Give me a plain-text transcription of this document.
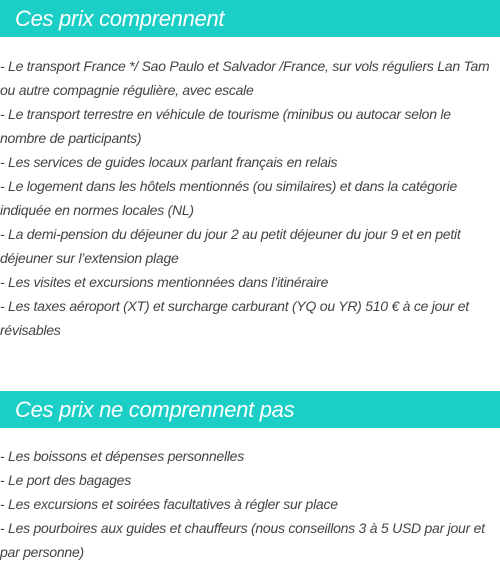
Ces prix comprennent
- Le transport France */ Sao Paulo et Salvador /France, sur vols réguliers Lan Tam ou autre compagnie régulière, avec escale
- Le transport terrestre en véhicule de tourisme (minibus ou autocar selon le nombre de participants)
- Les services de guides locaux parlant français en relais
- Le logement dans les hôtels mentionnés (ou similaires) et dans la catégorie indiquée en normes locales (NL)
- La demi-pension du déjeuner du jour 2 au petit déjeuner du jour 9 et en petit déjeuner sur l’extension plage
- Les visites et excursions mentionnées dans l’itinéraire
- Les taxes aéroport (XT) et surcharge carburant (YQ ou YR) 510 € à ce jour et révisables
Ces prix ne comprennent pas
- Les boissons et dépenses personnelles
- Le port des bagages
- Les excursions et soirées facultatives à régler sur place
- Les pourboires aux guides et chauffeurs (nous conseillons 3 à 5 USD par jour et par personne)
